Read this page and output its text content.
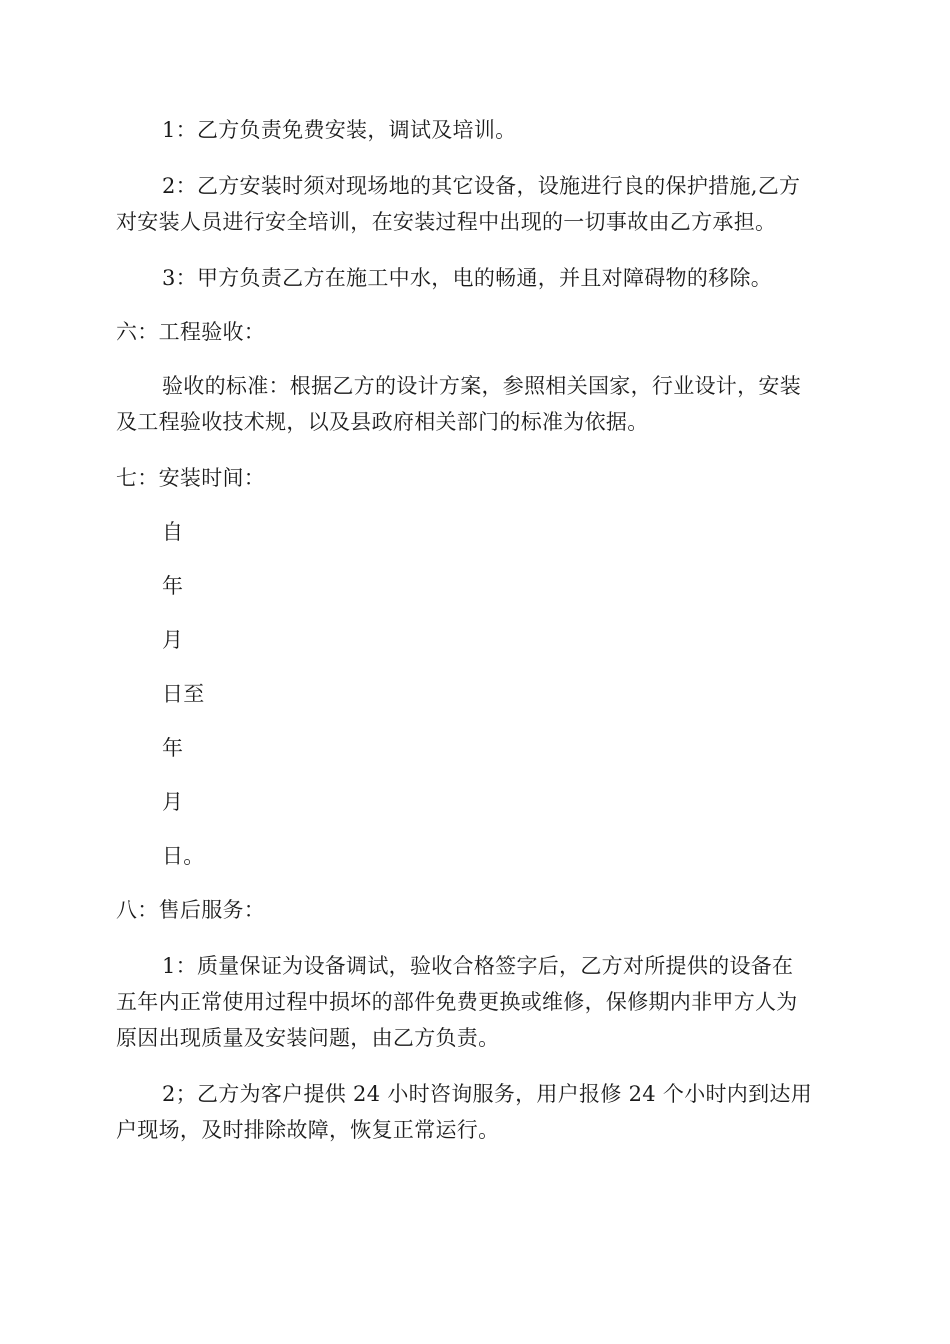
1：乙方负责免费安装，调试及培训。
2：乙方安装时须对现场地的其它设备，设施进行良的保护措施,乙方
对安装人员进行安全培训，在安装过程中出现的一切事故由乙方承担。
3：甲方负责乙方在施工中水，电的畅通，并且对障碍物的移除。
六：工程验收：
验收的标准：根据乙方的设计方案，参照相关国家，行业设计，安装
及工程验收技术规，以及县政府相关部门的标准为依据。
七：安装时间：
自
年
月
日至
年
月
日。
八：售后服务：
1：质量保证为设备调试，验收合格签字后，乙方对所提供的设备在
五年内正常使用过程中损坏的部件免费更换或维修，保修期内非甲方人为
原因出现质量及安装问题，由乙方负责。
2；乙方为客户提供 24 小时咨询服务，用户报修 24 个小时内到达用
户现场，及时排除故障，恢复正常运行。
